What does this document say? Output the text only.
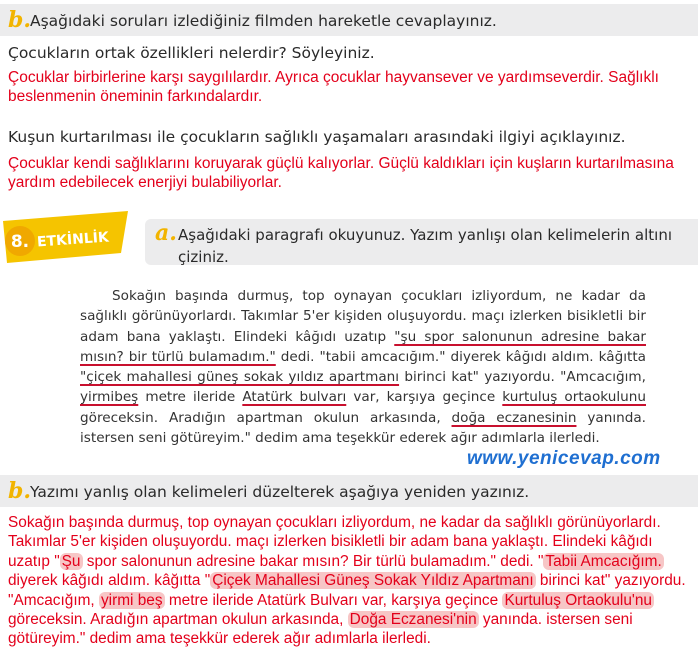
b.
Aşağıdaki soruları izlediğiniz filmden hareketle cevaplayınız.
Çocukların ortak özellikleri nelerdir? Söyleyiniz.
Çocuklar birbirlerine karşı saygılılardır. Ayrıca çocuklar hayvansever ve yardımseverdir. Sağlıklı beslenmenin öneminin farkındalardır.
Kuşun kurtarılması ile çocukların sağlıklı yaşamaları arasındaki ilgiyi açıklayınız.
Çocuklar kendi sağlıklarını koruyarak güçlü kalıyorlar. Güçlü kaldıkları için kuşların kurtarılmasına yardım edebilecek enerjiyi bulabiliyorlar.
8. ETKİNLİK a. Aşağıdaki paragrafı okuyunuz. Yazım yanlışı olan kelimelerin altını çiziniz.

Sokağın başında durmuş, top oynayan çocukları izliyordum, ne kadar da sağlıklı görünüyorlardı. Takımlar 5'er kişiden oluşuyordu. maçı izlerken bisikletli bir adam bana yaklaştı. Elindeki kâğıdı uzatıp "şu spor salonunun adresine bakar mısın? bir türlü bulamadım." dedi. "tabii amcacığım." diyerek kâğıdı aldım. kâğıtta "çiçek mahallesi güneş sokak yıldız apartmanı birinci kat" yazıyordu. "Amcacığım, yirmibeş metre ileride Atatürk bulvarı var, karşıya geçince kurtuluş ortaokulunu göreceksin. Aradığın apartman okulun arkasında, doğa eczanesinin yanında. istersen seni götüreyim." dedim ama teşekkür ederek ağır adımlarla ilerledi.

www.yenicevap.com
b.
Yazımı yanlış olan kelimeleri düzelterek aşağıya yeniden yazınız.
Sokağın başında durmuş, top oynayan çocukları izliyordum, ne kadar da sağlıklı görünüyorlardı. Takımlar 5'er kişiden oluşuyordu. maçı izlerken bisikletli bir adam bana yaklaştı. Elindeki kâğıdı uzatıp " Şu spor salonunun adresine bakar mısın? Bir türlü bulamadım." dedi. " Tabii Amcacığım. diyerek kâğıdı aldım. kâğıtta " Çiçek Mahallesi Güneş Sokak Yıldız Apartmanı birinci kat" yazıyordu. "Amcacığım, yirmi beş metre ileride Atatürk Bulvarı var, karşıya geçince Kurtuluş Ortaokulu'nu göreceksin. Aradığın apartman okulun arkasında, Doğa Eczanesi'nin yanında. istersen seni götüreyim." dedim ama teşekkür ederek ağır adımlarla ilerledi.
